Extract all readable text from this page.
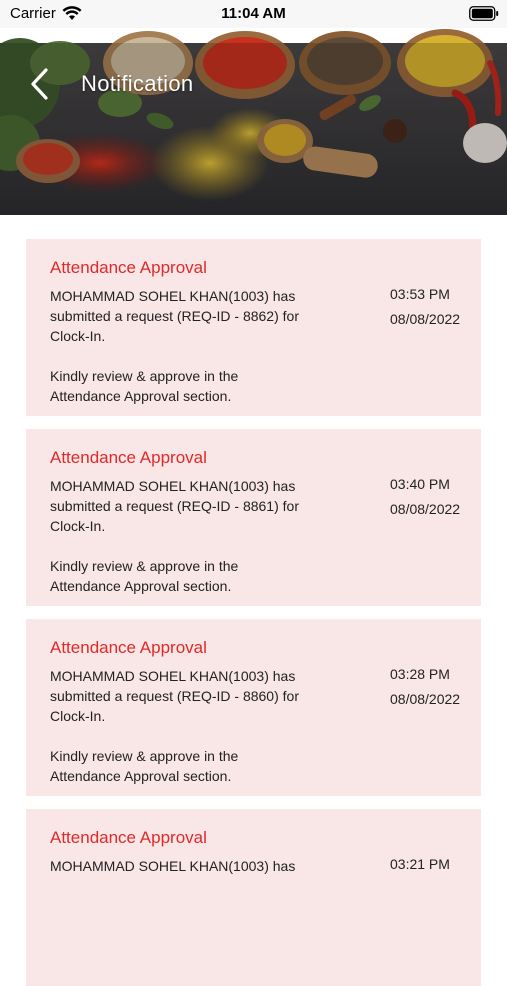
Carrier	11:04 AM
Notification
Attendance Approval
MOHAMMAD SOHEL KHAN(1003) has
submitted a request (REQ-ID - 8862) for
Clock-In.
Kindly review & approve in the
Attendance Approval section.
03:53 PM
08/08/2022
Attendance Approval
MOHAMMAD SOHEL KHAN(1003) has
submitted a request (REQ-ID - 8861) for
Clock-In.
Kindly review & approve in the
Attendance Approval section.
03:40 PM
08/08/2022
Attendance Approval
MOHAMMAD SOHEL KHAN(1003) has
submitted a request (REQ-ID - 8860) for
Clock-In.
Kindly review & approve in the
Attendance Approval section.
03:28 PM
08/08/2022
Attendance Approval
MOHAMMAD SOHEL KHAN(1003) has	03:21 PM
